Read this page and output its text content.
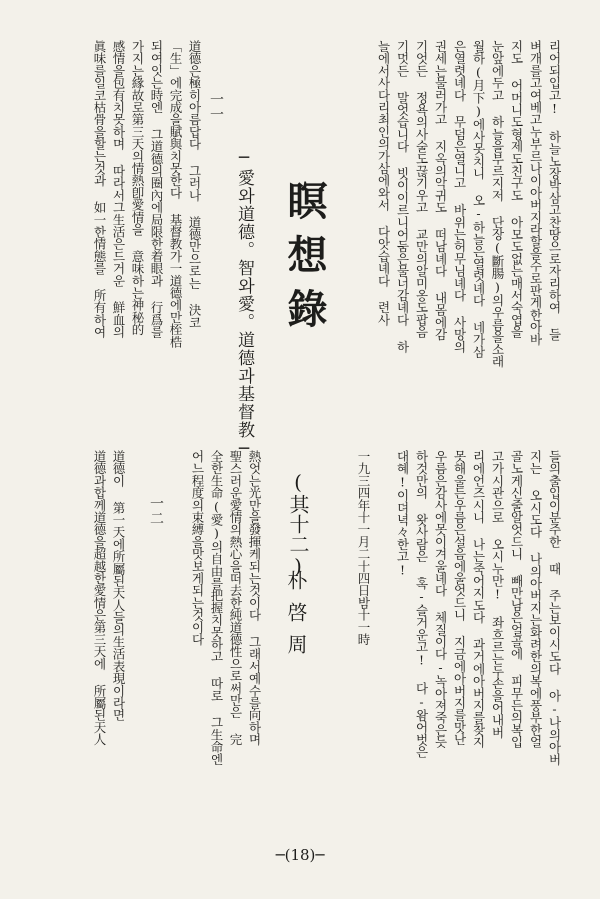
리어되입고! 하늘노장박삼고찬땅으로자리하여 들
벼개를고여베고누부르나이아버지라할을수로판게한아바
지도 어머니도형제도친구도 아모도없는매서숙엽을
눈앞에두고 하늘을부르지저 단장(斷腸)의우름을소래
월하(月下)에사못치니 오-하늘은열렷녜다 네가삼
은열렷녜다 무덤은열니고 바위는허무님녜다 사망의
권세는물러가고 지옥의악귀도 떠남녜다 내몸에감
기엇든 정욕의사술도끊기우고 교만의알미옹도팝음
기멋든 말엇습니다 빗이이르니어둠은물너감녜다 하
늘에서사다리최인의가삼에와서 다앗습녜다 련사
들의출입이분주한 때 주는보이시도다 아-나의아버
지는 오시도다 나의아버지는화려한의복에풍부한얼
골노게신줄알엇드니 빼만남은얼골에 피무든의복입
고가시관으로 오시누만! 좌흐르는두손을어내버
리에언즈시니 나는죽어지도다 과거에아버지를찾지
못해울든우름은설음에울엇드니 지금에아버지를맛난
우름은감사에못이겨울녜다 체질이다-녹아져죽은듯
하것만의 왓사람은 혹-슬거운고! 다-왐어벗은
대혜!이뎌녁々한고!
一九三四年十一月二十四日밤十一時
瞑想錄
(其十二)
朴啓周
─愛와道德。智와愛。道德과基督教─
一一
道德은極히아름답다 그러나 道德만으로는 決코
「生」에完成을賦與치못한다 基督教가一道德에만桎梏
되여잇는時엔 그道德의圈內에局限한着眼과 行爲를
가지는緣故로第三天의情熱卽愛情을 意味하는神秘的
感情을包有치못하며 따라서그生活은드거운 鮮血의
眞味를일코枯骨을할는것과 如一한情態를 所有하여
熱엇는光만을發揮케되는것이다 그래서예수를向하며
聖스러운愛情의熱心을떠去한純道德性으로써만은 完
全한生命(愛)의自由를把握치못하고 따로 그生命엔
어느程度의束縛을맛보게되는것이다
一二
道德이 第一天에所屬된天人들의生活表現이라면
道德과합께道德을超越한愛情은第三天에 所屬된天人
─(18)─
